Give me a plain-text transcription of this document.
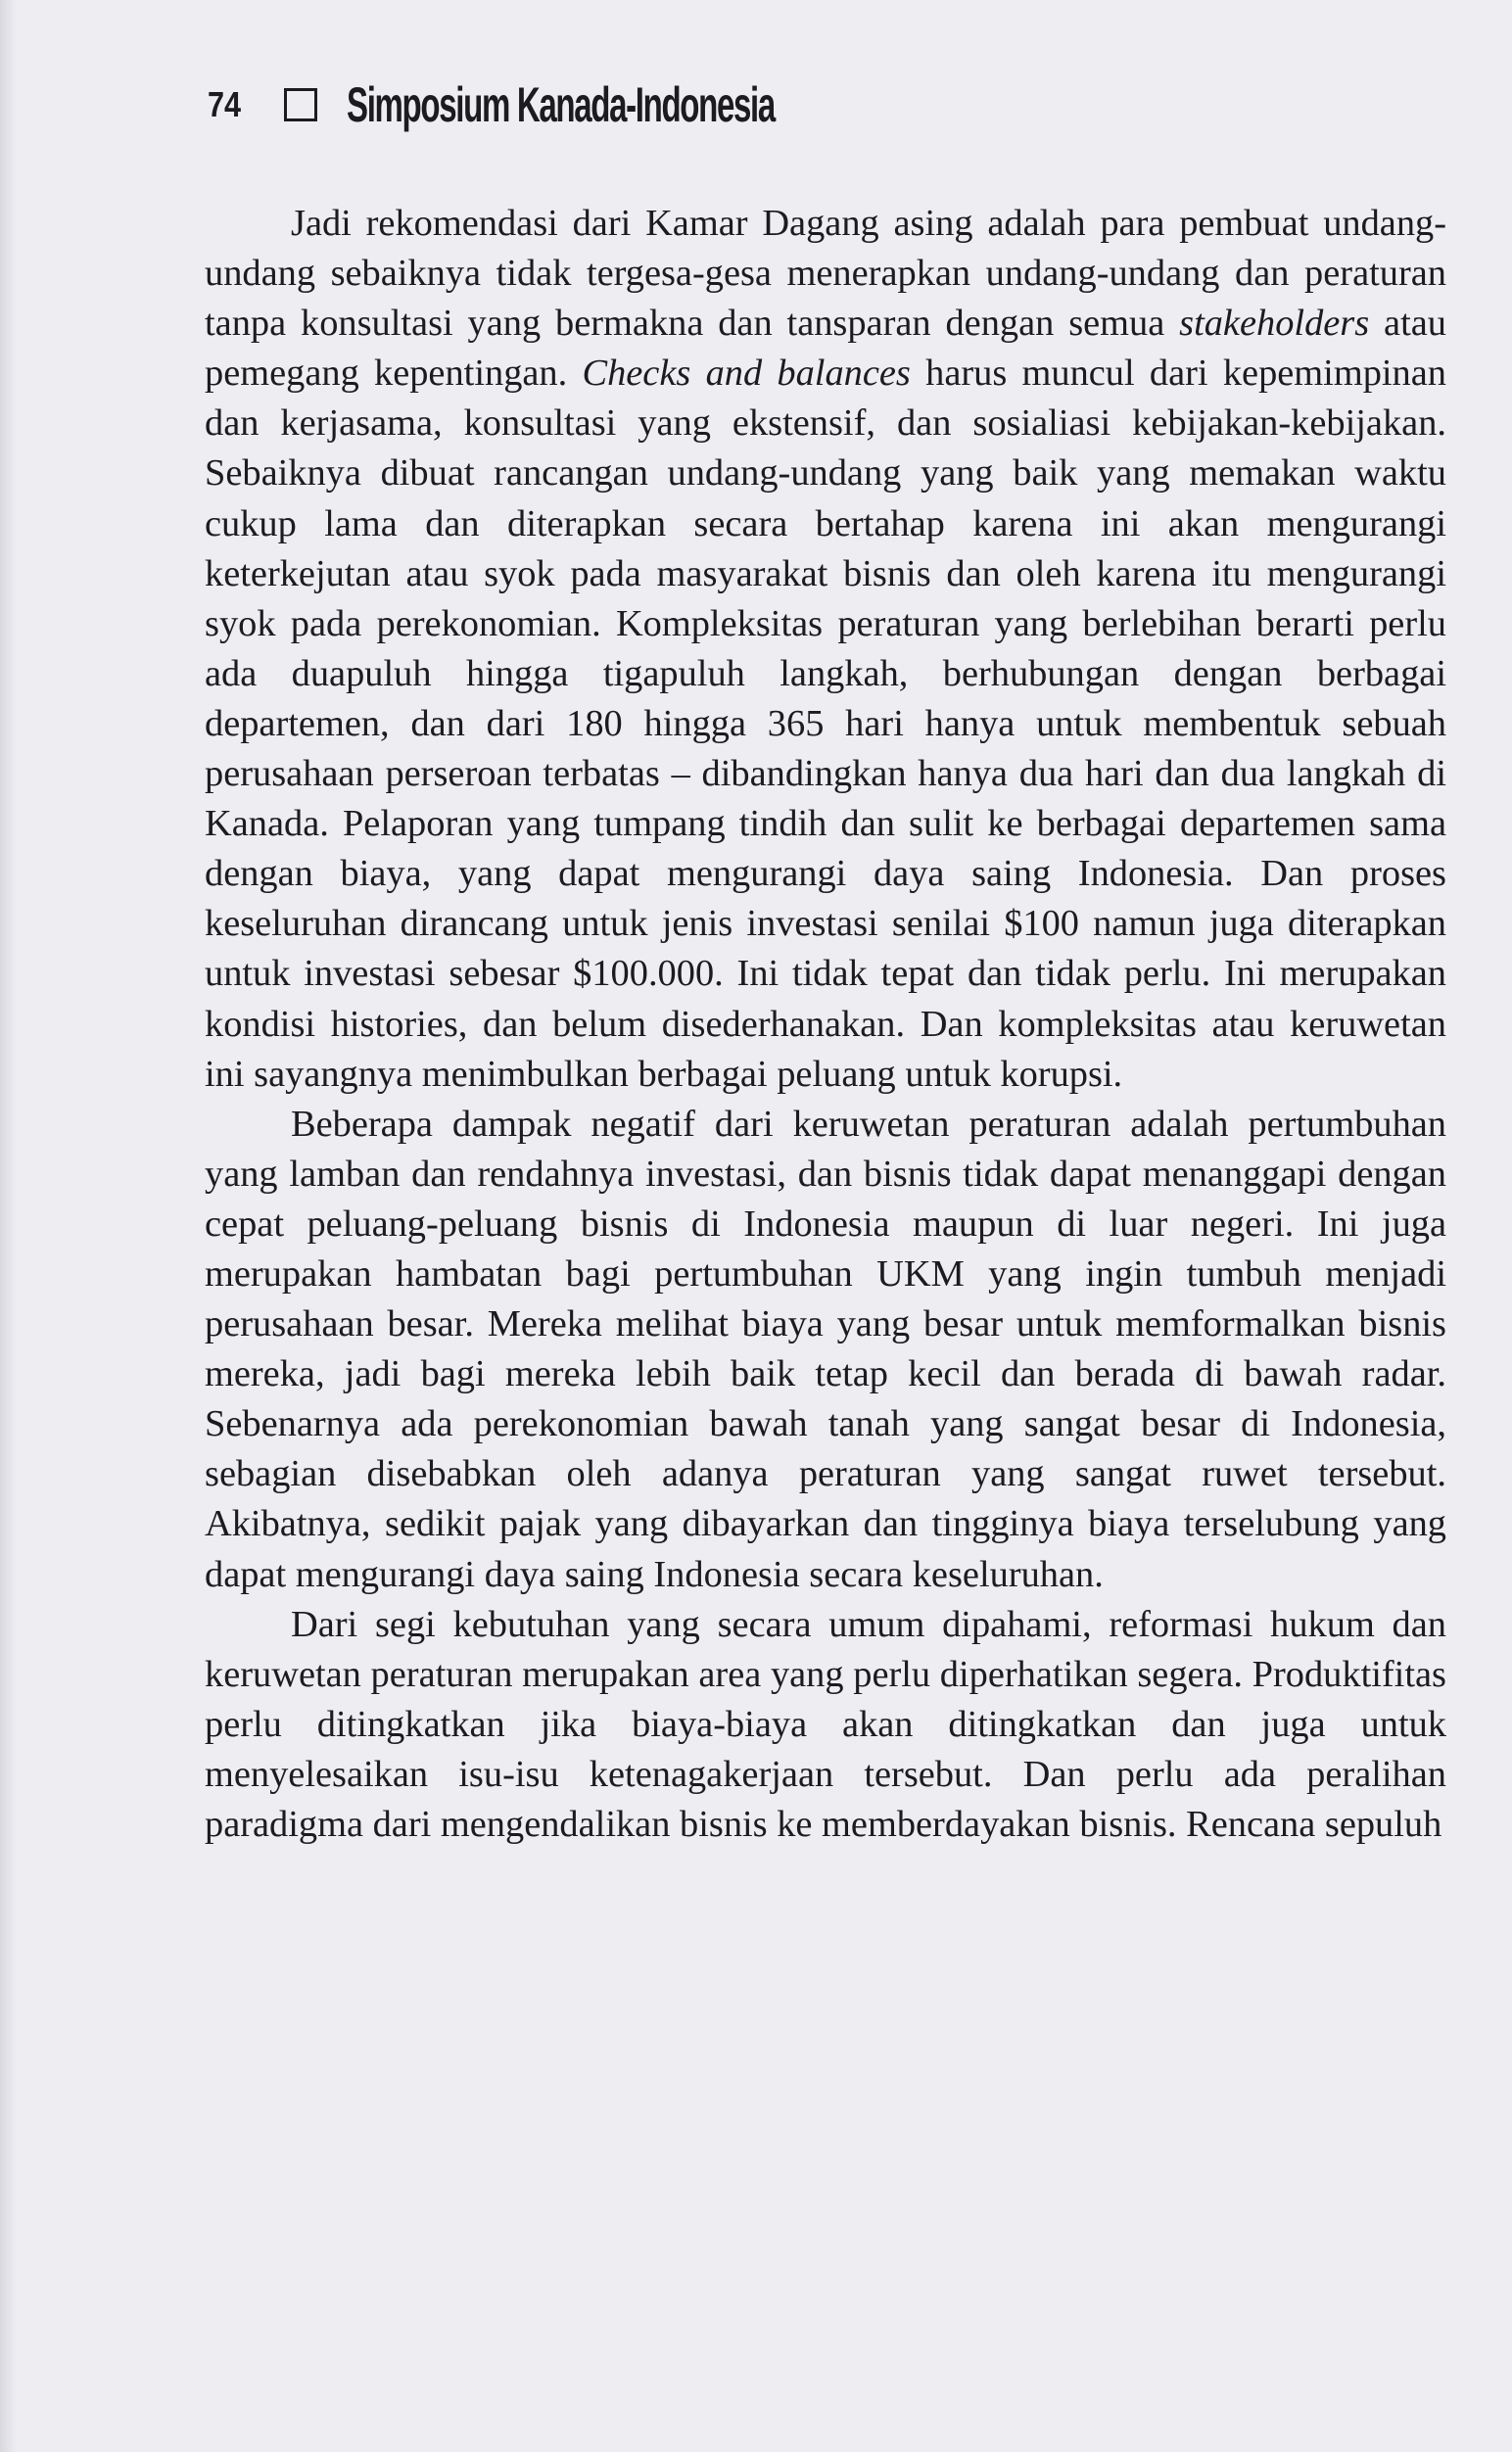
74	Simposium Kanada-Indonesia

Jadi rekomendasi dari Kamar Dagang asing adalah para pembuat undang-undang sebaiknya tidak tergesa-gesa menerapkan undang-undang dan peraturan tanpa konsultasi yang bermakna dan tansparan dengan semua stakeholders atau pemegang kepentingan. Checks and balances harus muncul dari kepemimpinan dan kerjasama, konsultasi yang ekstensif, dan sosialiasi kebijakan-kebijakan. Sebaiknya dibuat rancangan undang-undang yang baik yang memakan waktu cukup lama dan diterapkan secara bertahap karena ini akan mengurangi keterkejutan atau syok pada masyarakat bisnis dan oleh karena itu mengurangi syok pada perekonomian. Kompleksitas peraturan yang berlebihan berarti perlu ada duapuluh hingga tigapuluh langkah, berhubungan dengan berbagai departemen, dan dari 180 hingga 365 hari hanya untuk membentuk sebuah perusahaan perseroan terbatas – dibandingkan hanya dua hari dan dua langkah di Kanada. Pelaporan yang tumpang tindih dan sulit ke berbagai departemen sama dengan biaya, yang dapat mengurangi daya saing Indonesia. Dan proses keseluruhan dirancang untuk jenis investasi senilai $100 namun juga diterapkan untuk investasi sebesar $100.000. Ini tidak tepat dan tidak perlu. Ini merupakan kondisi histories, dan belum disederhanakan. Dan kompleksitas atau keruwetan ini sayangnya menimbulkan berbagai peluang untuk korupsi.

Beberapa dampak negatif dari keruwetan peraturan adalah pertumbuhan yang lamban dan rendahnya investasi, dan bisnis tidak dapat menanggapi dengan cepat peluang-peluang bisnis di Indonesia maupun di luar negeri. Ini juga merupakan hambatan bagi pertumbuhan UKM yang ingin tumbuh menjadi perusahaan besar. Mereka melihat biaya yang besar untuk memformalkan bisnis mereka, jadi bagi mereka lebih baik tetap kecil dan berada di bawah radar. Sebenarnya ada perekonomian bawah tanah yang sangat besar di Indonesia, sebagian disebabkan oleh adanya peraturan yang sangat ruwet tersebut. Akibatnya, sedikit pajak yang dibayarkan dan tingginya biaya terselubung yang dapat mengurangi daya saing Indonesia secara keseluruhan.

Dari segi kebutuhan yang secara umum dipahami, reformasi hukum dan keruwetan peraturan merupakan area yang perlu diperhatikan segera. Produktifitas perlu ditingkatkan jika biaya-biaya akan ditingkatkan dan juga untuk menyelesaikan isu-isu ketenagakerjaan tersebut. Dan perlu ada peralihan paradigma dari mengendalikan bisnis ke memberdayakan bisnis. Rencana sepuluh
